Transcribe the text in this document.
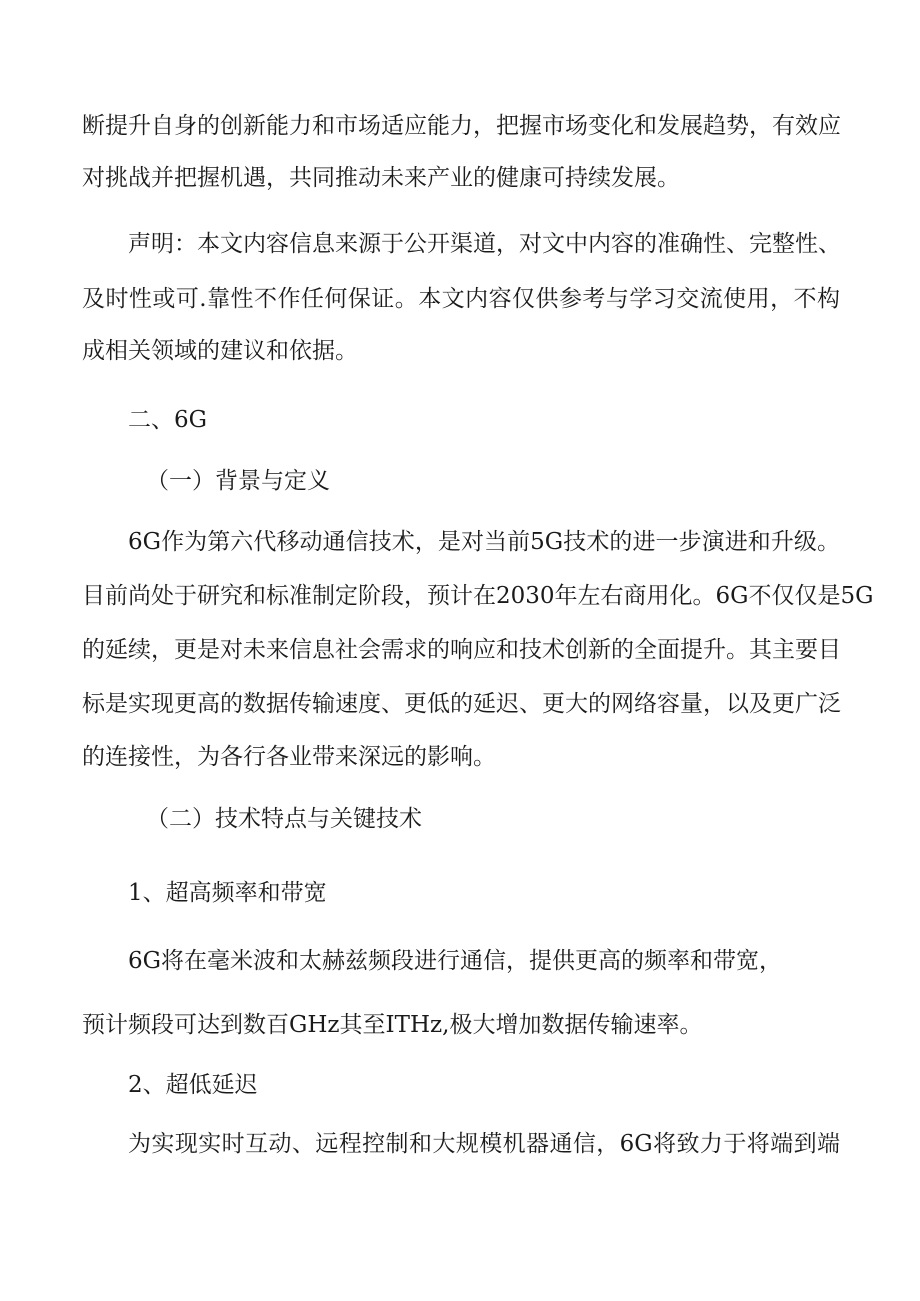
断提升自身的创新能力和市场适应能力，把握市场变化和发展趋势，有效应
对挑战并把握机遇，共同推动未来产业的健康可持续发展。
声明：本文内容信息来源于公开渠道，对文中内容的准确性、完整性、
及时性或可.靠性不作任何保证。本文内容仅供参考与学习交流使用，不构
成相关领域的建议和依据。
二、6G
（一）背景与定义
6G作为第六代移动通信技术，是对当前5G技术的进一步演进和升级。
目前尚处于研究和标准制定阶段，预计在2030年左右商用化。6G不仅仅是5G
的延续，更是对未来信息社会需求的响应和技术创新的全面提升。其主要目
标是实现更高的数据传输速度、更低的延迟、更大的网络容量，以及更广泛
的连接性，为各行各业带来深远的影响。
（二）技术特点与关键技术
1、超高频率和带宽
6G将在毫米波和太赫兹频段进行通信，提供更高的频率和带宽，
预计频段可达到数百GHz其至ITHz,极大增加数据传输速率。
2、超低延迟
为实现实时互动、远程控制和大规模机器通信，6G将致力于将端到端
